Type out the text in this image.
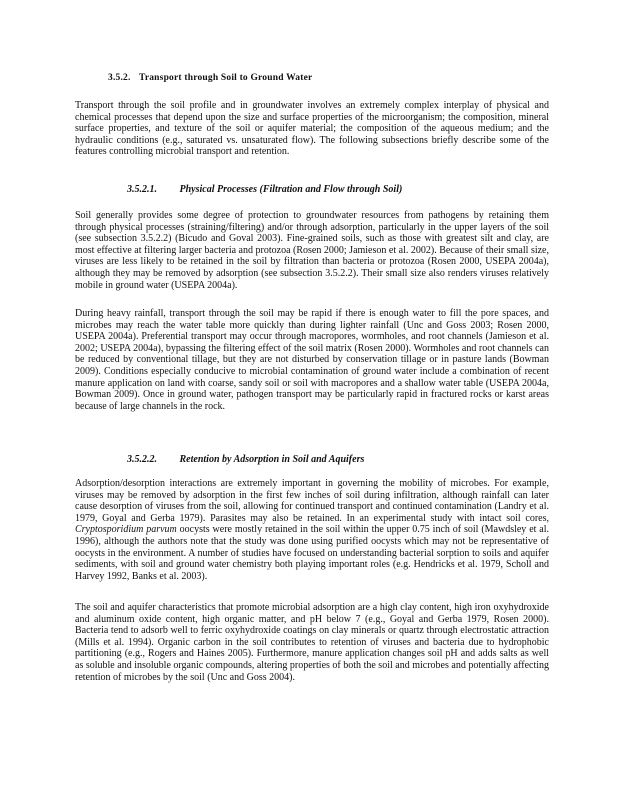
3.5.2. Transport through Soil to Ground Water

Transport through the soil profile and in groundwater involves an extremely complex interplay of physical and chemical processes that depend upon the size and surface properties of the microorganism; the composition, mineral surface properties, and texture of the soil or aquifer material; the composition of the aqueous medium; and the hydraulic conditions (e.g., saturated vs. unsaturated flow). The following subsections briefly describe some of the features controlling microbial transport and retention.

3.5.2.1. Physical Processes (Filtration and Flow through Soil)

Soil generally provides some degree of protection to groundwater resources from pathogens by retaining them through physical processes (straining/filtering) and/or through adsorption, particularly in the upper layers of the soil (see subsection 3.5.2.2) (Bicudo and Goval 2003). Fine-grained soils, such as those with greatest silt and clay, are most effective at filtering larger bacteria and protozoa (Rosen 2000; Jamieson et al. 2002). Because of their small size, viruses are less likely to be retained in the soil by filtration than bacteria or protozoa (Rosen 2000, USEPA 2004a), although they may be removed by adsorption (see subsection 3.5.2.2). Their small size also renders viruses relatively mobile in ground water (USEPA 2004a).

During heavy rainfall, transport through the soil may be rapid if there is enough water to fill the pore spaces, and microbes may reach the water table more quickly than during lighter rainfall (Unc and Goss 2003; Rosen 2000, USEPA 2004a). Preferential transport may occur through macropores, wormholes, and root channels (Jamieson et al. 2002; USEPA 2004a), bypassing the filtering effect of the soil matrix (Rosen 2000). Wormholes and root channels can be reduced by conventional tillage, but they are not disturbed by conservation tillage or in pasture lands (Bowman 2009). Conditions especially conducive to microbial contamination of ground water include a combination of recent manure application on land with coarse, sandy soil or soil with macropores and a shallow water table (USEPA 2004a, Bowman 2009). Once in ground water, pathogen transport may be particularly rapid in fractured rocks or karst areas because of large channels in the rock.

3.5.2.2. Retention by Adsorption in Soil and Aquifers

Adsorption/desorption interactions are extremely important in governing the mobility of microbes. For example, viruses may be removed by adsorption in the first few inches of soil during infiltration, although rainfall can later cause desorption of viruses from the soil, allowing for continued transport and continued contamination (Landry et al. 1979, Goyal and Gerba 1979). Parasites may also be retained. In an experimental study with intact soil cores, Cryptosporidium parvum oocysts were mostly retained in the soil within the upper 0.75 inch of soil (Mawdsley et al. 1996), although the authors note that the study was done using purified oocysts which may not be representative of oocysts in the environment. A number of studies have focused on understanding bacterial sorption to soils and aquifer sediments, with soil and ground water chemistry both playing important roles (e.g. Hendricks et al. 1979, Scholl and Harvey 1992, Banks et al. 2003).

The soil and aquifer characteristics that promote microbial adsorption are a high clay content, high iron oxyhydroxide and aluminum oxide content, high organic matter, and pH below 7 (e.g., Goyal and Gerba 1979, Rosen 2000). Bacteria tend to adsorb well to ferric oxyhydroxide coatings on clay minerals or quartz through electrostatic attraction (Mills et al. 1994). Organic carbon in the soil contributes to retention of viruses and bacteria due to hydrophobic partitioning (e.g., Rogers and Haines 2005). Furthermore, manure application changes soil pH and adds salts as well as soluble and insoluble organic compounds, altering properties of both the soil and microbes and potentially affecting retention of microbes by the soil (Unc and Goss 2004).
